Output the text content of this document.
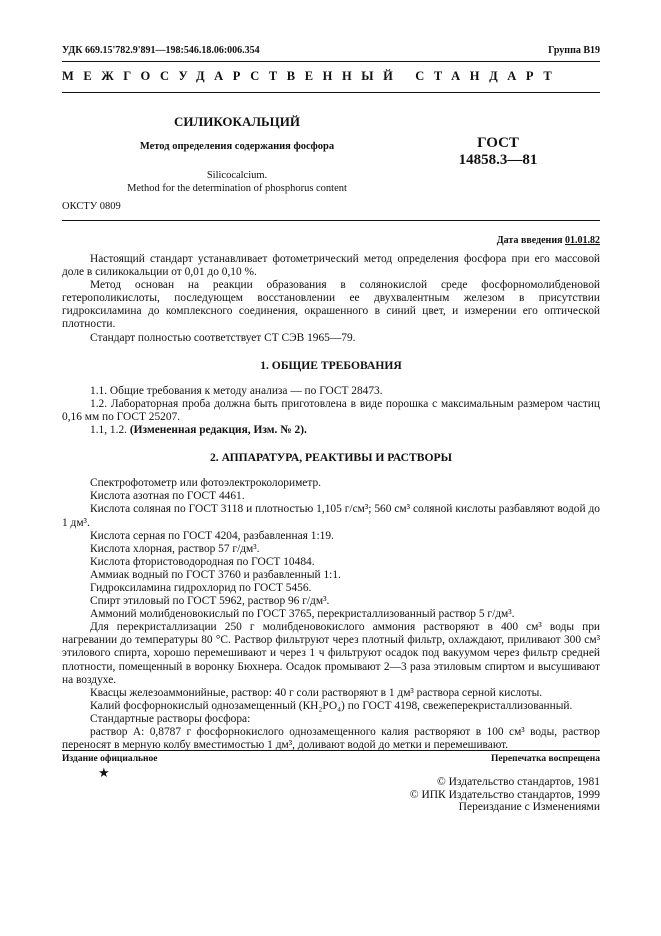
УДК 669.15'782.9'891—198:546.18.06:006.354	Группа В19
МЕЖГОСУДАРСТВЕННЫЙ СТАНДАРТ
СИЛИКОКАЛЬЦИЙ
Метод определения содержания фосфора
Silicocalcium.
Method for the determination of phosphorus content
ГОСТ
14858.3—81
ОКСТУ 0809
Дата введения 01.01.82

Настоящий стандарт устанавливает фотометрический метод определения фосфора при его массовой доле в силикокальции от 0,01 до 0,10 %.

Метод основан на реакции образования в солянокислой среде фосфорномолибденовой гетерополикислоты, последующем восстановлении ее двухвалентным железом в присутствии гидроксиламина до комплексного соединения, окрашенного в синий цвет, и измерении его оптической плотности.

Стандарт полностью соответствует СТ СЭВ 1965—79.

1. ОБЩИЕ ТРЕБОВАНИЯ

1.1. Общие требования к методу анализа — по ГОСТ 28473.

1.2. Лабораторная проба должна быть приготовлена в виде порошка с максимальным размером частиц 0,16 мм по ГОСТ 25207.

1.1, 1.2. (Измененная редакция, Изм. № 2).

2. АППАРАТУРА, РЕАКТИВЫ И РАСТВОРЫ

Спектрофотометр или фотоэлектроколориметр.

Кислота азотная по ГОСТ 4461.

Кислота соляная по ГОСТ 3118 и плотностью 1,105 г/см³; 560 см³ соляной кислоты разбавляют водой до 1 дм³.

Кислота серная по ГОСТ 4204, разбавленная 1:19.

Кислота хлорная, раствор 57 г/дм³.

Кислота фтористоводородная по ГОСТ 10484.

Аммиак водный по ГОСТ 3760 и разбавленный 1:1.

Гидроксиламина гидрохлорид по ГОСТ 5456.

Спирт этиловый по ГОСТ 5962, раствор 96 г/дм³.

Аммоний молибденовокислый по ГОСТ 3765, перекристаллизованный раствор 5 г/дм³.

Для перекристаллизации 250 г молибденовокислого аммония растворяют в 400 см³ воды при нагревании до температуры 80 °С. Раствор фильтруют через плотный фильтр, охлаждают, приливают 300 см³ этилового спирта, хорошо перемешивают и через 1 ч фильтруют осадок под вакуумом через фильтр средней плотности, помещенный в воронку Бюхнера. Осадок промывают 2—3 раза этиловым спиртом и высушивают на воздухе.

Квасцы железоаммонийные, раствор: 40 г соли растворяют в 1 дм³ раствора серной кислоты.

Калий фосфорнокислый однозамещенный (КН₂РО₄) по ГОСТ 4198, свежеперекристаллизованный.

Стандартные растворы фосфора:

раствор А: 0,8787 г фосфорнокислого однозамещенного калия растворяют в 100 см³ воды, раствор переносят в мерную колбу вместимостью 1 дм³, доливают водой до метки и перемешивают.

Издание официальное	Перепечатка воспрещена
★
© Издательство стандартов, 1981
© ИПК Издательство стандартов, 1999
Переиздание с Изменениями
